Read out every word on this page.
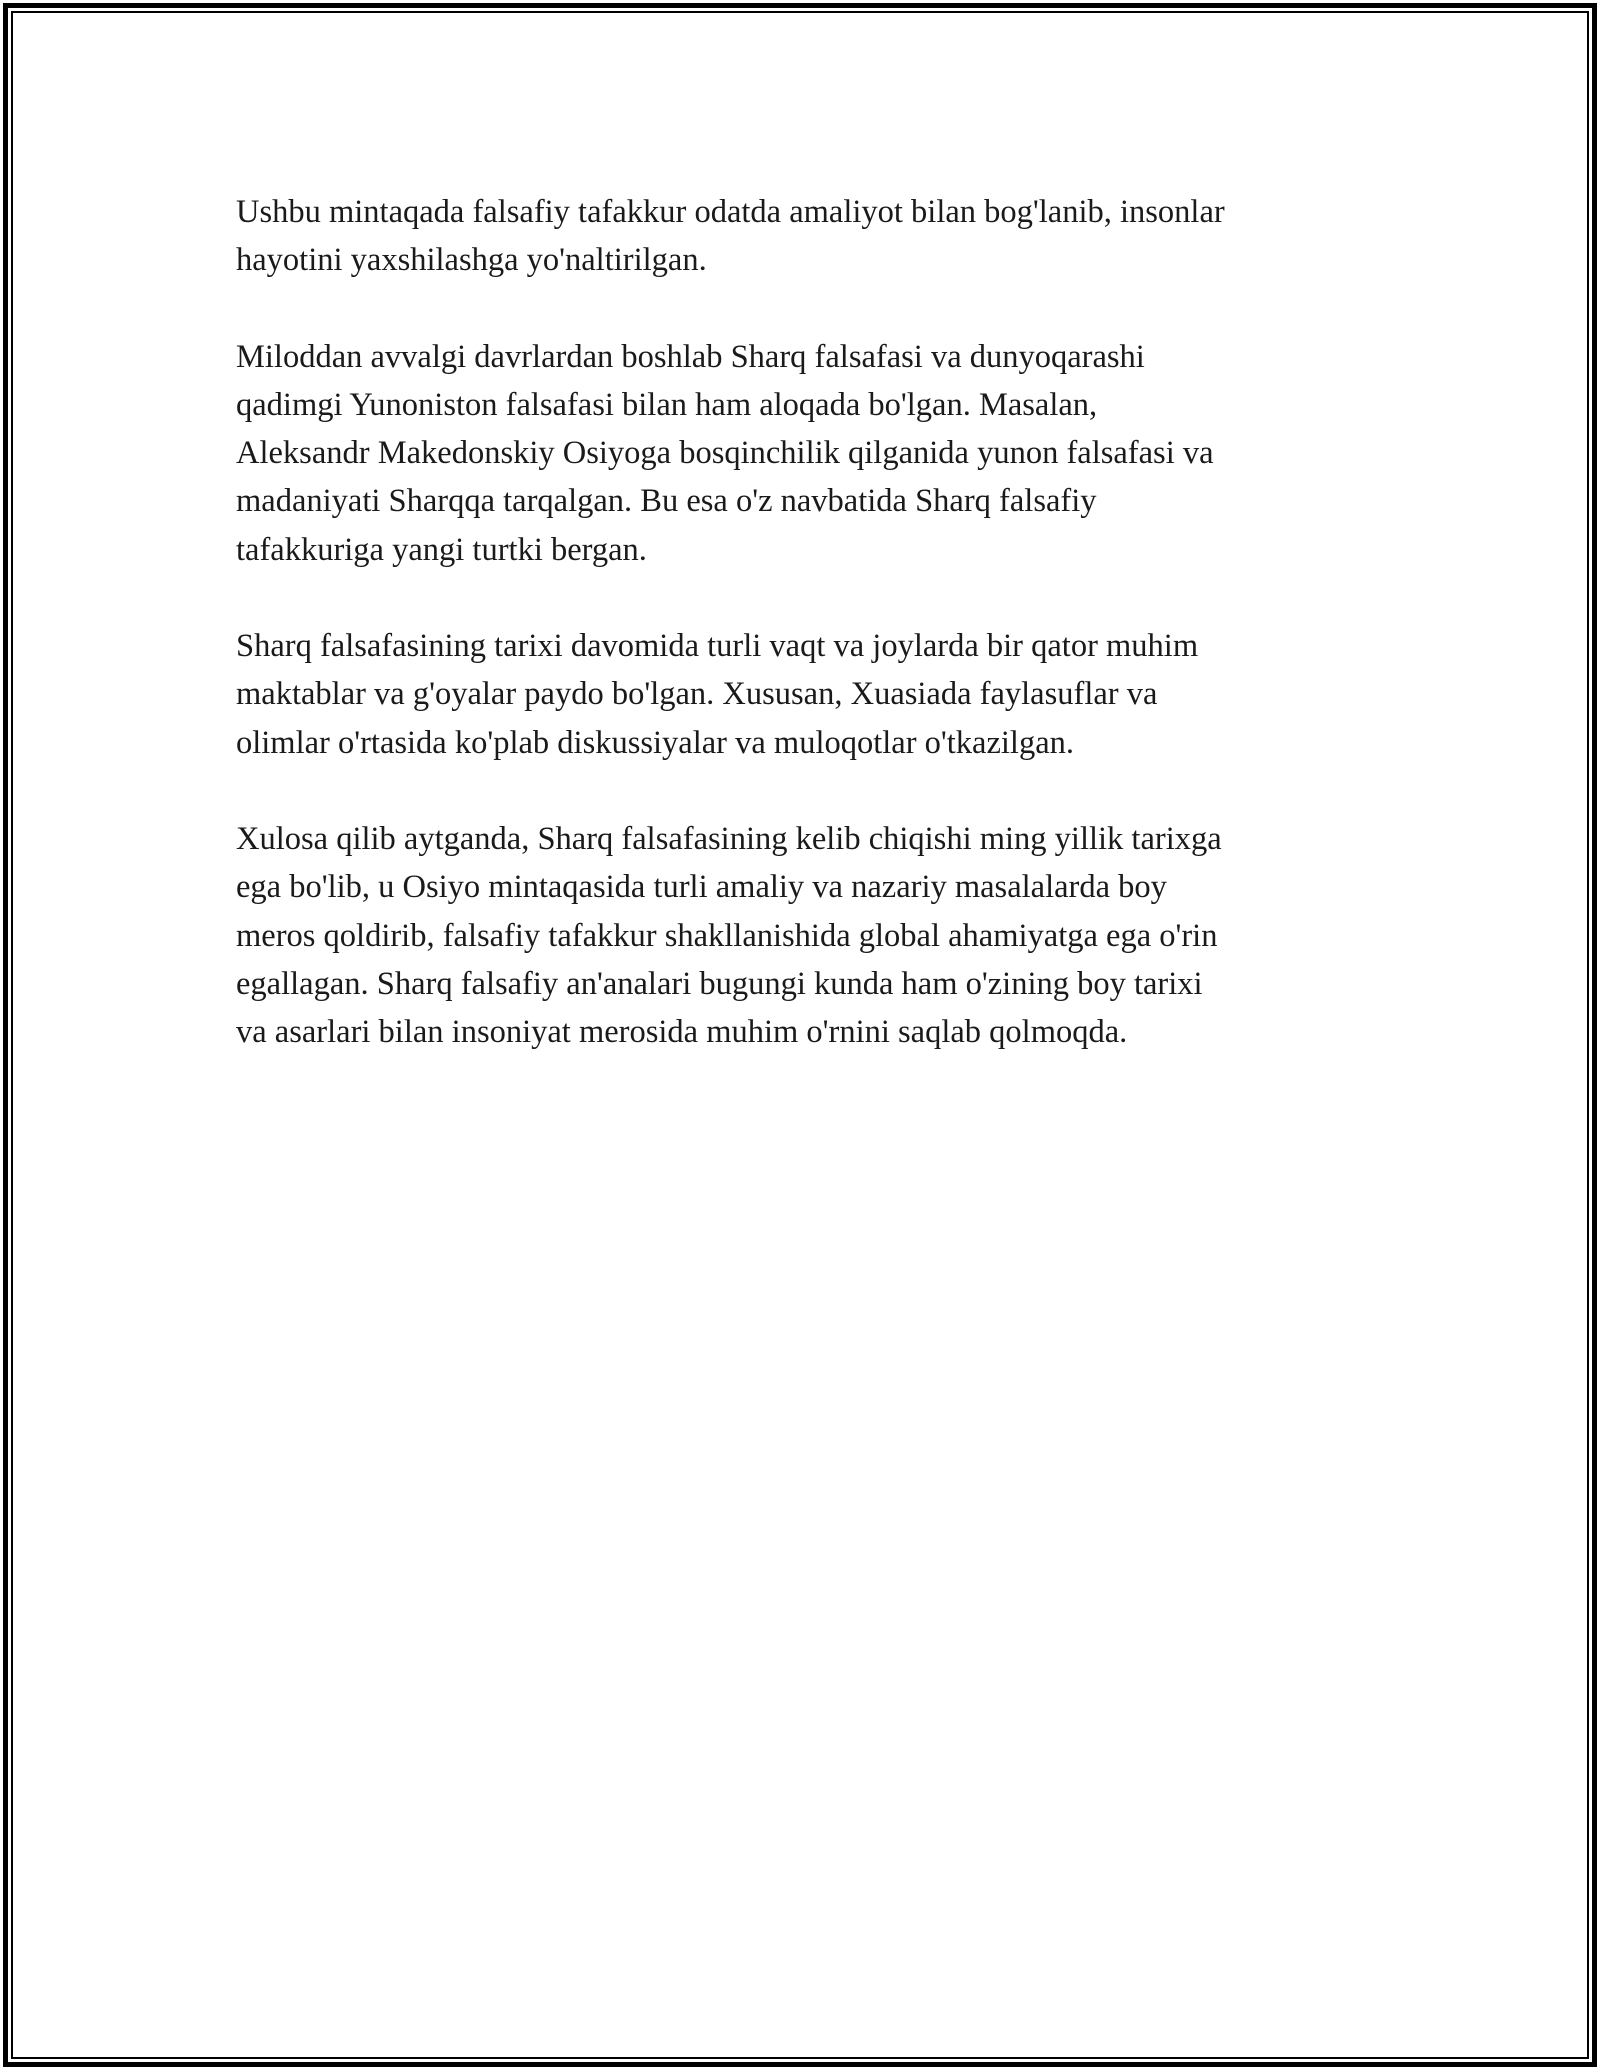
Ushbu mintaqada falsafiy tafakkur odatda amaliyot bilan bog'lanib, insonlar
hayotini yaxshilashga yo'naltirilgan.

Miloddan avvalgi davrlardan boshlab Sharq falsafasi va dunyoqarashi
qadimgi Yunoniston falsafasi bilan ham aloqada bo'lgan. Masalan,
Aleksandr Makedonskiy Osiyoga bosqinchilik qilganida yunon falsafasi va
madaniyati Sharqqa tarqalgan. Bu esa o'z navbatida Sharq falsafiy
tafakkuriga yangi turtki bergan.

Sharq falsafasining tarixi davomida turli vaqt va joylarda bir qator muhim
maktablar va g'oyalar paydo bo'lgan. Xususan, Xuasiada faylasuflar va
olimlar o'rtasida ko'plab diskussiyalar va muloqotlar o'tkazilgan.

Xulosa qilib aytganda, Sharq falsafasining kelib chiqishi ming yillik tarixga
ega bo'lib, u Osiyo mintaqasida turli amaliy va nazariy masalalarda boy
meros qoldirib, falsafiy tafakkur shakllanishida global ahamiyatga ega o'rin
egallagan. Sharq falsafiy an'analari bugungi kunda ham o'zining boy tarixi
va asarlari bilan insoniyat merosida muhim o'rnini saqlab qolmoqda.
